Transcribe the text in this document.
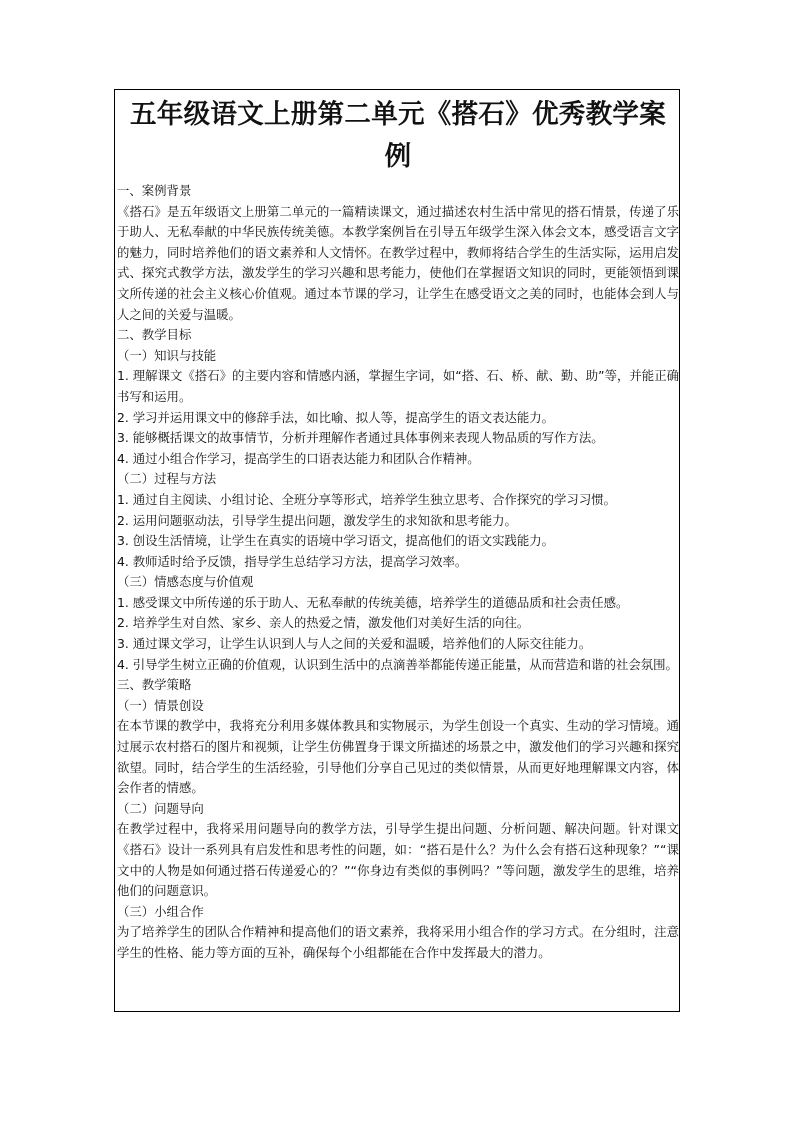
五年级语文上册第二单元《搭石》优秀教学案例
一、案例背景

《搭石》是五年级语文上册第二单元的一篇精读课文，通过描述农村生活中常见的搭石情景，传递了乐于助人、无私奉献的中华民族传统美德。本教学案例旨在引导五年级学生深入体会文本，感受语言文字的魅力，同时培养他们的语文素养和人文情怀。在教学过程中，教师将结合学生的生活实际，运用启发式、探究式教学方法，激发学生的学习兴趣和思考能力，使他们在掌握语文知识的同时，更能领悟到课文所传递的社会主义核心价值观。通过本节课的学习，让学生在感受语文之美的同时，也能体会到人与人之间的关爱与温暖。

二、教学目标
（一）知识与技能

1. 理解课文《搭石》的主要内容和情感内涵，掌握生字词，如“搭、石、桥、献、勤、助”等，并能正确书写和运用。

2. 学习并运用课文中的修辞手法，如比喻、拟人等，提高学生的语文表达能力。

3. 能够概括课文的故事情节，分析并理解作者通过具体事例来表现人物品质的写作方法。

4. 通过小组合作学习，提高学生的口语表达能力和团队合作精神。

（二）过程与方法

1. 通过自主阅读、小组讨论、全班分享等形式，培养学生独立思考、合作探究的学习习惯。

2. 运用问题驱动法，引导学生提出问题，激发学生的求知欲和思考能力。

3. 创设生活情境，让学生在真实的语境中学习语文，提高他们的语文实践能力。

4. 教师适时给予反馈，指导学生总结学习方法，提高学习效率。

（三）情感态度与价值观

1. 感受课文中所传递的乐于助人、无私奉献的传统美德，培养学生的道德品质和社会责任感。

2. 培养学生对自然、家乡、亲人的热爱之情，激发他们对美好生活的向往。

3. 通过课文学习，让学生认识到人与人之间的关爱和温暖，培养他们的人际交往能力。

4. 引导学生树立正确的价值观，认识到生活中的点滴善举都能传递正能量，从而营造和谐的社会氛围。

三、教学策略
（一）情景创设

在本节课的教学中，我将充分利用多媒体教具和实物展示，为学生创设一个真实、生动的学习情境。通过展示农村搭石的图片和视频，让学生仿佛置身于课文所描述的场景之中，激发他们的学习兴趣和探究欲望。同时，结合学生的生活经验，引导他们分享自己见过的类似情景，从而更好地理解课文内容，体会作者的情感。

（二）问题导向

在教学过程中，我将采用问题导向的教学方法，引导学生提出问题、分析问题、解决问题。针对课文《搭石》设计一系列具有启发性和思考性的问题，如：“搭石是什么？为什么会有搭石这种现象？”“课文中的人物是如何通过搭石传递爱心的？”“你身边有类似的事例吗？”等问题，激发学生的思维，培养他们的问题意识。

（三）小组合作

为了培养学生的团队合作精神和提高他们的语文素养，我将采用小组合作的学习方式。在分组时，注意学生的性格、能力等方面的互补，确保每个小组都能在合作中发挥最大的潜力。
